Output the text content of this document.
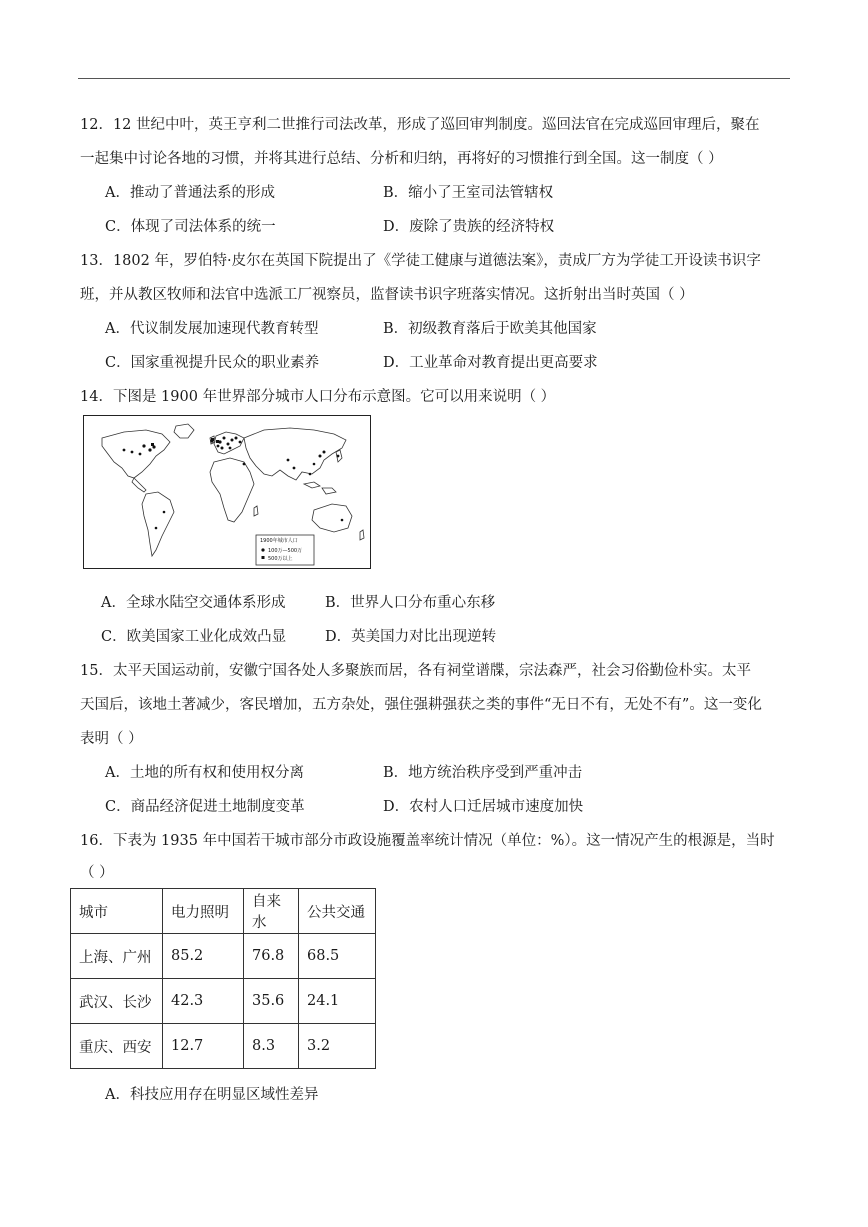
12．12 世纪中叶，英王亨利二世推行司法改革，形成了巡回审判制度。巡回法官在完成巡回审理后，聚在
一起集中讨论各地的习惯，并将其进行总结、分析和归纳，再将好的习惯推行到全国。这一制度（ ）
A．推动了普通法系的形成	B．缩小了王室司法管辖权
C．体现了司法体系的统一	D．废除了贵族的经济特权
13．1802 年，罗伯特·皮尔在英国下院提出了《学徒工健康与道德法案》，责成厂方为学徒工开设读书识字
班，并从教区牧师和法官中选派工厂视察员，监督读书识字班落实情况。这折射出当时英国（ ）
A．代议制发展加速现代教育转型	B．初级教育落后于欧美其他国家
C．国家重视提升民众的职业素养	D．工业革命对教育提出更高要求
14．下图是 1900 年世界部分城市人口分布示意图。它可以用来说明（ ）
1900年城市人口
100万—500万
500万以上
A．全球水陆空交通体系形成	B．世界人口分布重心东移
C．欧美国家工业化成效凸显	D．英美国力对比出现逆转
15．太平天国运动前，安徽宁国各处人多聚族而居，各有祠堂谱牒，宗法森严，社会习俗勤俭朴实。太平
天国后，该地土著减少，客民增加，五方杂处，强住强耕强获之类的事件“无日不有，无处不有”。这一变化
表明（ ）
A．土地的所有权和使用权分离	B．地方统治秩序受到严重冲击
C．商品经济促进土地制度变革	D．农村人口迁居城市速度加快
16．下表为 1935 年中国若干城市部分市政设施覆盖率统计情况（单位：%）。这一情况产生的根源是，当时
（ ）
城市	电力照明	自来水	公共交通
上海、广州	85.2	76.8	68.5
武汉、长沙	42.3	35.6	24.1
重庆、西安	12.7	8.3	3.2
A．科技应用存在明显区域性差异
